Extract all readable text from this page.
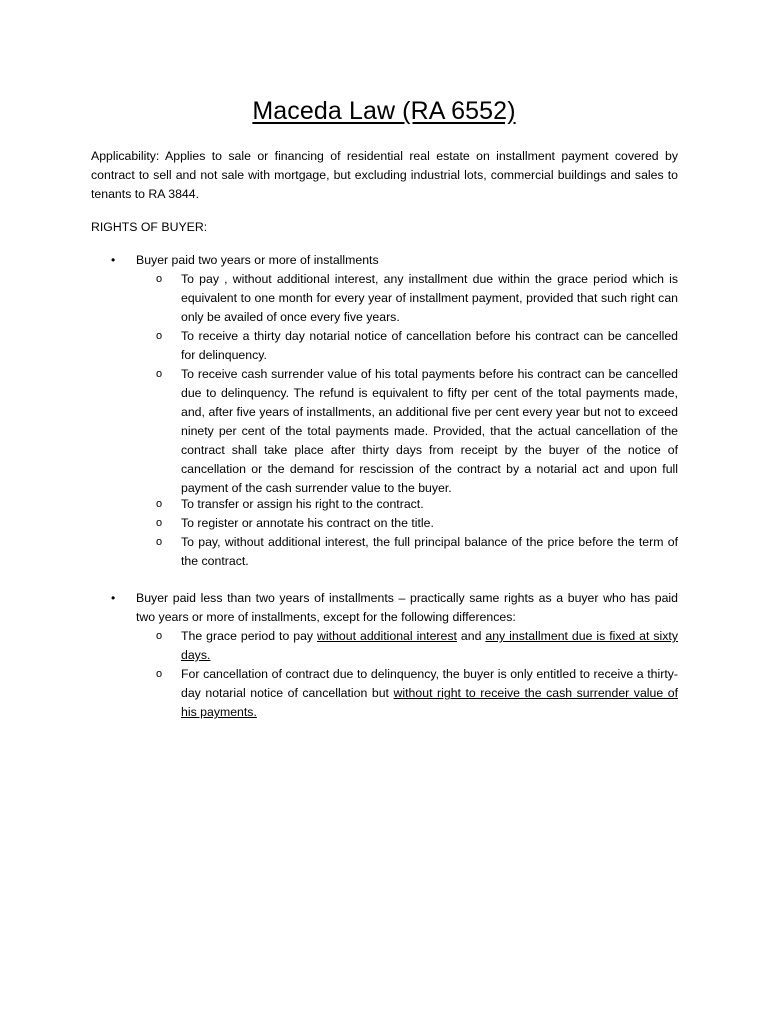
Maceda Law (RA 6552)
Applicability: Applies to sale or financing of residential real estate on installment payment covered by contract to sell and not sale with mortgage, but excluding industrial lots, commercial buildings and sales to tenants to RA 3844.
RIGHTS OF BUYER:
• Buyer paid two years or more of installments
o To pay , without additional interest, any installment due within the grace period which is equivalent to one month for every year of installment payment, provided that such right can only be availed of once every five years.
o To receive a thirty day notarial notice of cancellation before his contract can be cancelled for delinquency.
o To receive cash surrender value of his total payments before his contract can be cancelled due to delinquency. The refund is equivalent to fifty per cent of the total payments made, and, after five years of installments, an additional five per cent every year but not to exceed ninety per cent of the total payments made. Provided, that the actual cancellation of the contract shall take place after thirty days from receipt by the buyer of the notice of cancellation or the demand for rescission of the contract by a notarial act and upon full payment of the cash surrender value to the buyer.
o To transfer or assign his right to the contract.
o To register or annotate his contract on the title.
o To pay, without additional interest, the full principal balance of the price before the term of the contract.
• Buyer paid less than two years of installments – practically same rights as a buyer who has paid two years or more of installments, except for the following differences:
o The grace period to pay without additional interest and any installment due is fixed at sixty days.
o For cancellation of contract due to delinquency, the buyer is only entitled to receive a thirty-day notarial notice of cancellation but without right to receive the cash surrender value of his payments.
